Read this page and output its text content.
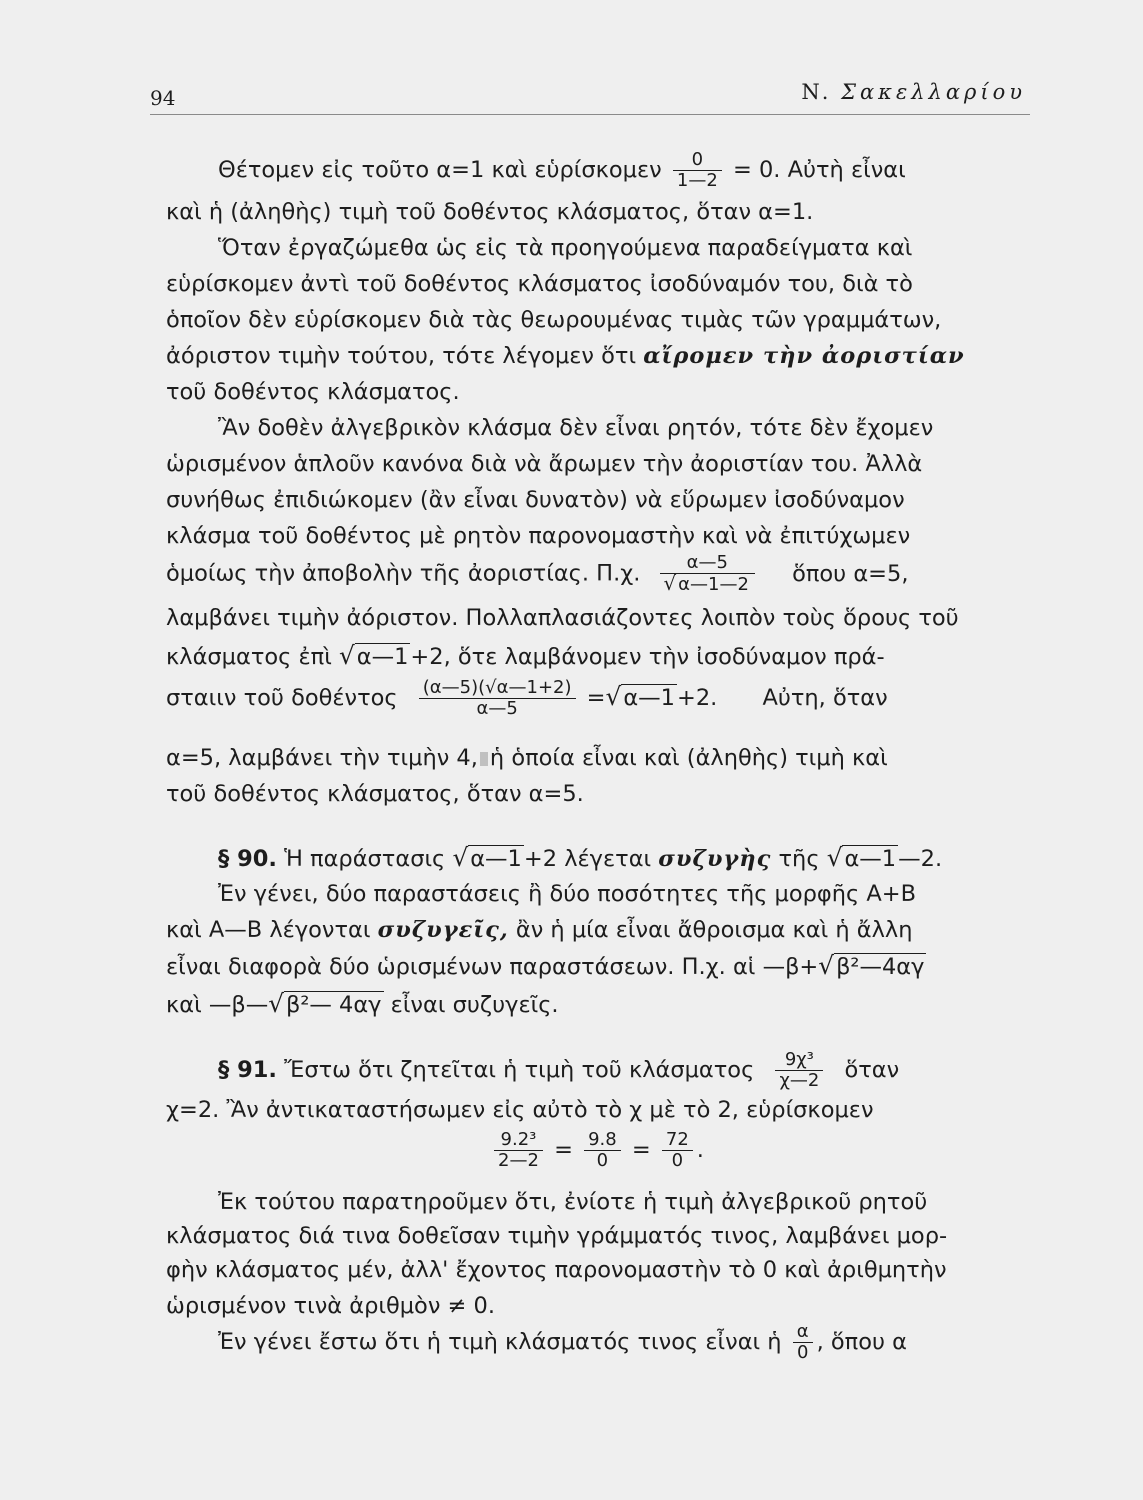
94	Ν. Σακελλαρίου
Θέτομεν εἰς τοῦτο α=1 καὶ εὑρίσκομεν $\frac{0}{1—2} = 0$. Αὐτὴ εἶναι
καὶ ἡ (ἀληθὴς) τιμὴ τοῦ δοθέντος κλάσματος, ὅταν α=1.
Ὅταν ἐργαζώμεθα ὡς εἰς τὰ προηγούμενα παραδείγματα καὶ
εὑρίσκομεν ἀντὶ τοῦ δοθέντος κλάσματος ἰσοδύναμόν του, διὰ τὸ
ὁποῖον δὲν εὑρίσκομεν διὰ τὰς θεωρουμένας τιμὰς τῶν γραμμάτων,
ἀόριστον τιμὴν τούτου, τότε λέγομεν ὅτι αἴρομεν τὴν ἀοριστίαν
τοῦ δοθέντος κλάσματος.
Ἂν δοθὲν ἀλγεβρικὸν κλάσμα δὲν εἶναι ρητόν, τότε δὲν ἔχομεν
ὡρισμένον ἁπλοῦν κανόνα διὰ νὰ ἄρωμεν τὴν ἀοριστίαν του. Ἀλλὰ
συνήθως ἐπιδιώκομεν (ἂν εἶναι δυνατὸν) νὰ εὕρωμεν ἰσοδύναμον
κλάσμα τοῦ δοθέντος μὲ ρητὸν παρονομαστὴν καὶ νὰ ἐπιτύχωμεν
ὁμοίως τὴν ἀποβολὴν τῆς ἀοριστίας. Π.χ. $\frac{\alpha—5}{√ \alpha—1—2}$ ὅπου α=5,
λαμβάνει τιμὴν ἀόριστον. Πολλαπλασιάζοντες λοιπὸν τοὺς ὅρους τοῦ
κλάσματος ἐπὶ √α—1+2, ὅτε λαμβάνομεν τὴν ἰσοδύναμον πρά-
σταιιν τοῦ δοθέντος $\frac{(\alpha—5)(√\alpha—1+2)}{\alpha—5}$ =√α—1+2. Αὐτη, ὅταν
α=5, λαμβάνει τὴν τιμὴν 4, ἡ ὁποία εἶναι καὶ (ἀληθὴς) τιμὴ καὶ
τοῦ δοθέντος κλάσματος, ὅταν α=5.
§ 90. Ἡ παράστασις √α—1+2 λέγεται συζυγὴς τῆς √α—1—2.
Ἐν γένει, δύο παραστάσεις ἢ δύο ποσότητες τῆς μορφῆς Α+Β
καὶ Α—Β λέγονται συζυγεῖς, ἂν ἡ μία εἶναι ἄθροισμα καὶ ἡ ἄλλη
εἶναι διαφορὰ δύο ὡρισμένων παραστάσεων. Π.χ. αἱ —β+√β²—4αγ
καὶ —β—√β²— 4αγ εἶναι συζυγεῖς.
§ 91. Ἔστω ὅτι ζητεῖται ἡ τιμὴ τοῦ κλάσματος $\frac{\text{9χ³}}{\chi—2}$ ὅταν
χ=2. Ἂν ἀντικαταστήσωμεν εἰς αὐτὸ τὸ χ μὲ τὸ 2, εὑρίσκομεν
$\frac{\text{9.2³}}{2—2} = \frac{9.8}{0} = \frac{72}{0}$ .
Ἐκ τούτου παρατηροῦμεν ὅτι, ἐνίοτε ἡ τιμὴ ἀλγεβρικοῦ ρητοῦ
κλάσματος διά τινα δοθεῖσαν τιμὴν γράμματός τινος, λαμβάνει μορ-
φὴν κλάσματος μέν, ἀλλ' ἔχοντος παρονομαστὴν τὸ 0 καὶ ἀριθμητὴν
ὡρισμένον τινὰ ἀριθμὸν ≠ 0.
Ἐν γένει ἔστω ὅτι ἡ τιμὴ κλάσματός τινος εἶναι ἡ $\frac{\alpha}{0}$ , ὅπου α
